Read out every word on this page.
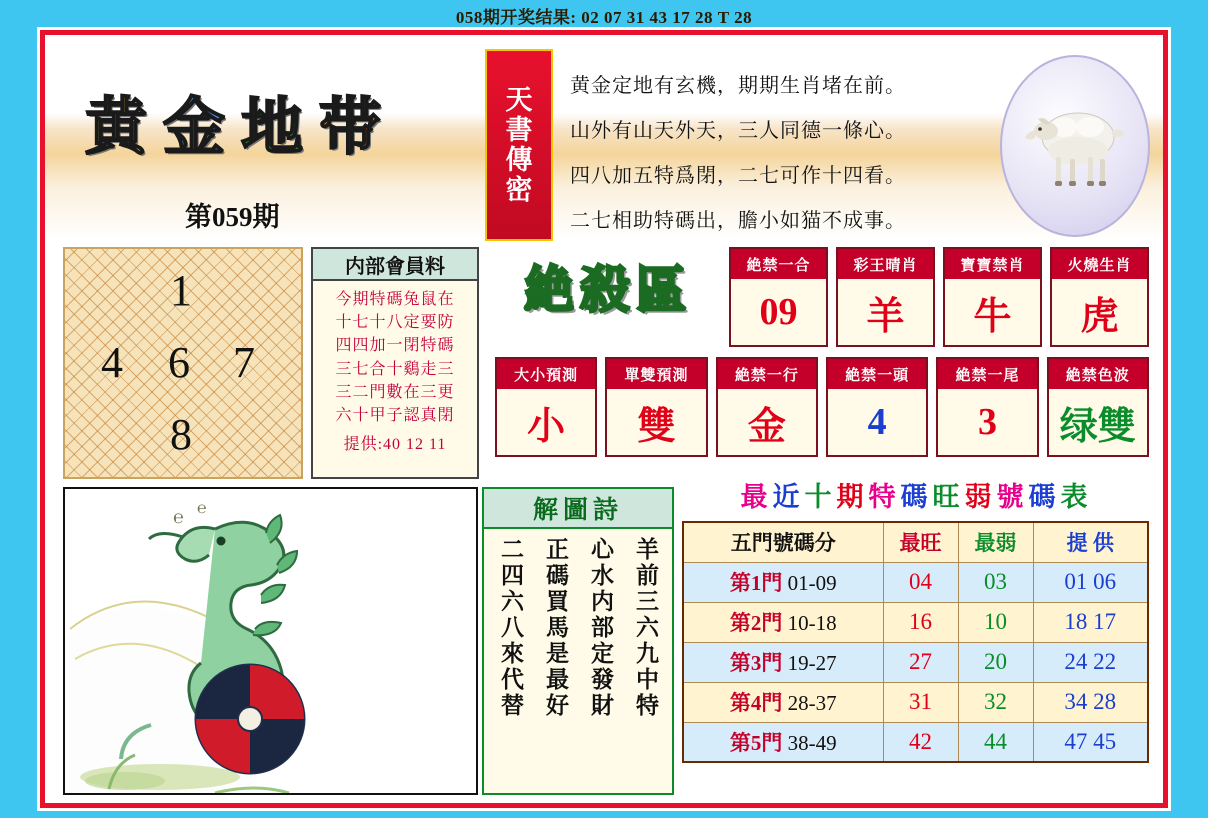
058期开奖结果: 02 07 31 43 17 28 T 28
黄金地带
第059期
天
書
傳
密
黄金定地有玄機，期期生肖堵在前。
山外有山天外天，三人同德一條心。
四八加五特爲閉，二七可作十四看。
二七相助特碼出，膽小如猫不成事。
1
4 6 7
8
内部會員料
今期特碼兔鼠在
十七十八定要防
四四加一閉特碼
三七合十鷄走三
三二門數在三更
六十甲子認真閉
提供:40 12 11
絶殺區	絶禁一合
09
彩王晴肖
羊
寶寶禁肖
牛
火燒生肖
虎
大小預測
小
單雙預測
雙
絶禁一行
金
絶禁一頭
4
絶禁一尾
3
絶禁色波
绿雙
℮ ℮	解圖詩
羊前三六九中特
心水内部定發財
正碼買馬是最好
二四六八來代替
最近十期特碼旺弱號碼表
五門號碼分	最旺	最弱	提 供
第1門 01-09	04	03	01 06
第2門 10-18	16	10	18 17
第3門 19-27	27	20	24 22
第4門 28-37	31	32	34 28
第5門 38-49	42	44	47 45
